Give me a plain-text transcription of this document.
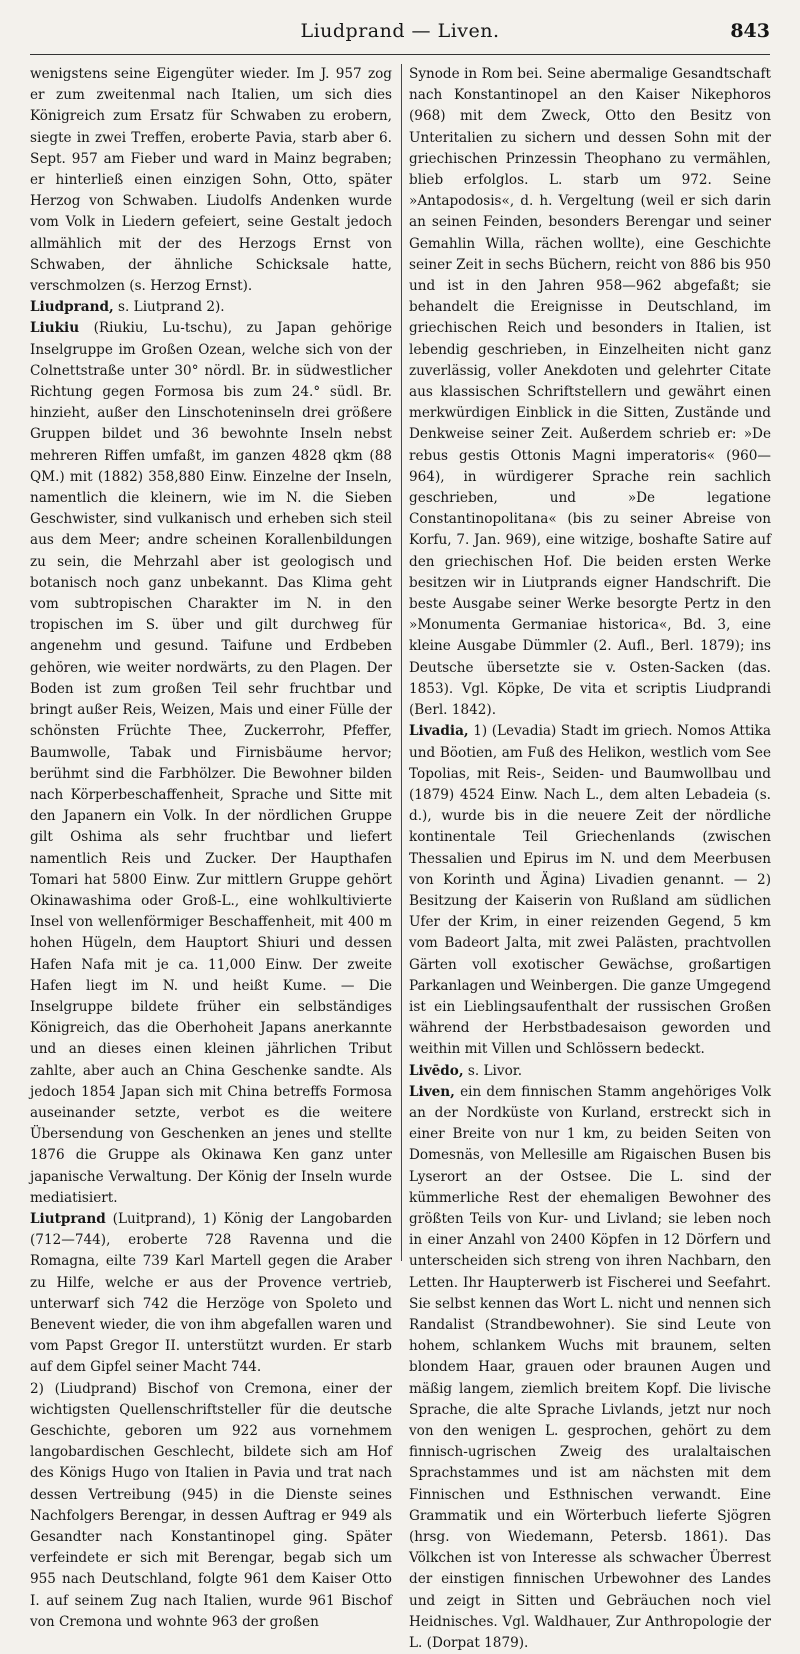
Liudprand — Liven.	843

wenigstens seine Eigengüter wieder. Im J. 957 zog er zum zweitenmal nach Italien, um sich dies Königreich zum Ersatz für Schwaben zu erobern, siegte in zwei Treffen, eroberte Pavia, starb aber 6. Sept. 957 am Fieber und ward in Mainz begraben; er hinterließ einen einzigen Sohn, Otto, später Herzog von Schwaben. Liudolfs Andenken wurde vom Volk in Liedern gefeiert, seine Gestalt jedoch allmählich mit der des Herzogs Ernst von Schwaben, der ähnliche Schicksale hatte, verschmolzen (s. Herzog Ernst).

Liudprand, s. Liutprand 2).

Liukiu (Riukiu, Lu-tschu), zu Japan gehörige Inselgruppe im Großen Ozean, welche sich von der Colnettstraße unter 30° nördl. Br. in südwestlicher Richtung gegen Formosa bis zum 24.° südl. Br. hinzieht, außer den Linschoteninseln drei größere Gruppen bildet und 36 bewohnte Inseln nebst mehreren Riffen umfaßt, im ganzen 4828 qkm (88 QM.) mit (1882) 358,880 Einw. Einzelne der Inseln, namentlich die kleinern, wie im N. die Sieben Geschwister, sind vulkanisch und erheben sich steil aus dem Meer; andre scheinen Korallenbildungen zu sein, die Mehrzahl aber ist geologisch und botanisch noch ganz unbekannt. Das Klima geht vom subtropischen Charakter im N. in den tropischen im S. über und gilt durchweg für angenehm und gesund. Taifune und Erdbeben gehören, wie weiter nordwärts, zu den Plagen. Der Boden ist zum großen Teil sehr fruchtbar und bringt außer Reis, Weizen, Mais und einer Fülle der schönsten Früchte Thee, Zuckerrohr, Pfeffer, Baumwolle, Tabak und Firnisbäume hervor; berühmt sind die Farbhölzer. Die Bewohner bilden nach Körperbeschaffenheit, Sprache und Sitte mit den Japanern ein Volk. In der nördlichen Gruppe gilt Oshima als sehr fruchtbar und liefert namentlich Reis und Zucker. Der Haupthafen Tomari hat 5800 Einw. Zur mittlern Gruppe gehört Okinawashima oder Groß-L., eine wohlkultivierte Insel von wellenförmiger Beschaffenheit, mit 400 m hohen Hügeln, dem Hauptort Shiuri und dessen Hafen Nafa mit je ca. 11,000 Einw. Der zweite Hafen liegt im N. und heißt Kume. — Die Inselgruppe bildete früher ein selbständiges Königreich, das die Oberhoheit Japans anerkannte und an dieses einen kleinen jährlichen Tribut zahlte, aber auch an China Geschenke sandte. Als jedoch 1854 Japan sich mit China betreffs Formosa auseinander setzte, verbot es die weitere Übersendung von Geschenken an jenes und stellte 1876 die Gruppe als Okinawa Ken ganz unter japanische Verwaltung. Der König der Inseln wurde mediatisiert.

Liutprand (Luitprand), 1) König der Langobarden (712—744), eroberte 728 Ravenna und die Romagna, eilte 739 Karl Martell gegen die Araber zu Hilfe, welche er aus der Provence vertrieb, unterwarf sich 742 die Herzöge von Spoleto und Benevent wieder, die von ihm abgefallen waren und vom Papst Gregor II. unterstützt wurden. Er starb auf dem Gipfel seiner Macht 744.

2) (Liudprand) Bischof von Cremona, einer der wichtigsten Quellenschriftsteller für die deutsche Geschichte, geboren um 922 aus vornehmem langobardischen Geschlecht, bildete sich am Hof des Königs Hugo von Italien in Pavia und trat nach dessen Vertreibung (945) in die Dienste seines Nachfolgers Berengar, in dessen Auftrag er 949 als Gesandter nach Konstantinopel ging. Später verfeindete er sich mit Berengar, begab sich um 955 nach Deutschland, folgte 961 dem Kaiser Otto I. auf seinem Zug nach Italien, wurde 961 Bischof von Cremona und wohnte 963 der großen

Synode in Rom bei. Seine abermalige Gesandtschaft nach Konstantinopel an den Kaiser Nikephoros (968) mit dem Zweck, Otto den Besitz von Unteritalien zu sichern und dessen Sohn mit der griechischen Prinzessin Theophano zu vermählen, blieb erfolglos. L. starb um 972. Seine »Antapodosis«, d. h. Vergeltung (weil er sich darin an seinen Feinden, besonders Berengar und seiner Gemahlin Willa, rächen wollte), eine Geschichte seiner Zeit in sechs Büchern, reicht von 886 bis 950 und ist in den Jahren 958—962 abgefaßt; sie behandelt die Ereignisse in Deutschland, im griechischen Reich und besonders in Italien, ist lebendig geschrieben, in Einzelheiten nicht ganz zuverlässig, voller Anekdoten und gelehrter Citate aus klassischen Schriftstellern und gewährt einen merkwürdigen Einblick in die Sitten, Zustände und Denkweise seiner Zeit. Außerdem schrieb er: »De rebus gestis Ottonis Magni imperatoris« (960—964), in würdigerer Sprache rein sachlich geschrieben, und »De legatione Constantinopolitana« (bis zu seiner Abreise von Korfu, 7. Jan. 969), eine witzige, boshafte Satire auf den griechischen Hof. Die beiden ersten Werke besitzen wir in Liutprands eigner Handschrift. Die beste Ausgabe seiner Werke besorgte Pertz in den »Monumenta Germaniae historica«, Bd. 3, eine kleine Ausgabe Dümmler (2. Aufl., Berl. 1879); ins Deutsche übersetzte sie v. Osten-Sacken (das. 1853). Vgl. Köpke, De vita et scriptis Liudprandi (Berl. 1842).

Livadia, 1) (Levadia) Stadt im griech. Nomos Attika und Böotien, am Fuß des Helikon, westlich vom See Topolias, mit Reis-, Seiden- und Baumwollbau und (1879) 4524 Einw. Nach L., dem alten Lebadeia (s. d.), wurde bis in die neuere Zeit der nördliche kontinentale Teil Griechenlands (zwischen Thessalien und Epirus im N. und dem Meerbusen von Korinth und Ägina) Livadien genannt. — 2) Besitzung der Kaiserin von Rußland am südlichen Ufer der Krim, in einer reizenden Gegend, 5 km vom Badeort Jalta, mit zwei Palästen, prachtvollen Gärten voll exotischer Gewächse, großartigen Parkanlagen und Weinbergen. Die ganze Umgegend ist ein Lieblingsaufenthalt der russischen Großen während der Herbstbadesaison geworden und weithin mit Villen und Schlössern bedeckt.

Livēdo, s. Livor.

Liven, ein dem finnischen Stamm angehöriges Volk an der Nordküste von Kurland, erstreckt sich in einer Breite von nur 1 km, zu beiden Seiten von Domesnäs, von Mellesille am Rigaischen Busen bis Lyserort an der Ostsee. Die L. sind der kümmerliche Rest der ehemaligen Bewohner des größten Teils von Kur- und Livland; sie leben noch in einer Anzahl von 2400 Köpfen in 12 Dörfern und unterscheiden sich streng von ihren Nachbarn, den Letten. Ihr Haupterwerb ist Fischerei und Seefahrt. Sie selbst kennen das Wort L. nicht und nennen sich Randalist (Strandbewohner). Sie sind Leute von hohem, schlankem Wuchs mit braunem, selten blondem Haar, grauen oder braunen Augen und mäßig langem, ziemlich breitem Kopf. Die livische Sprache, die alte Sprache Livlands, jetzt nur noch von den wenigen L. gesprochen, gehört zu dem finnisch-ugrischen Zweig des uralaltaischen Sprachstammes und ist am nächsten mit dem Finnischen und Esthnischen verwandt. Eine Grammatik und ein Wörterbuch lieferte Sjögren (hrsg. von Wiedemann, Petersb. 1861). Das Völkchen ist von Interesse als schwacher Überrest der einstigen finnischen Urbewohner des Landes und zeigt in Sitten und Gebräuchen noch viel Heidnisches. Vgl. Waldhauer, Zur Anthropologie der L. (Dorpat 1879).
